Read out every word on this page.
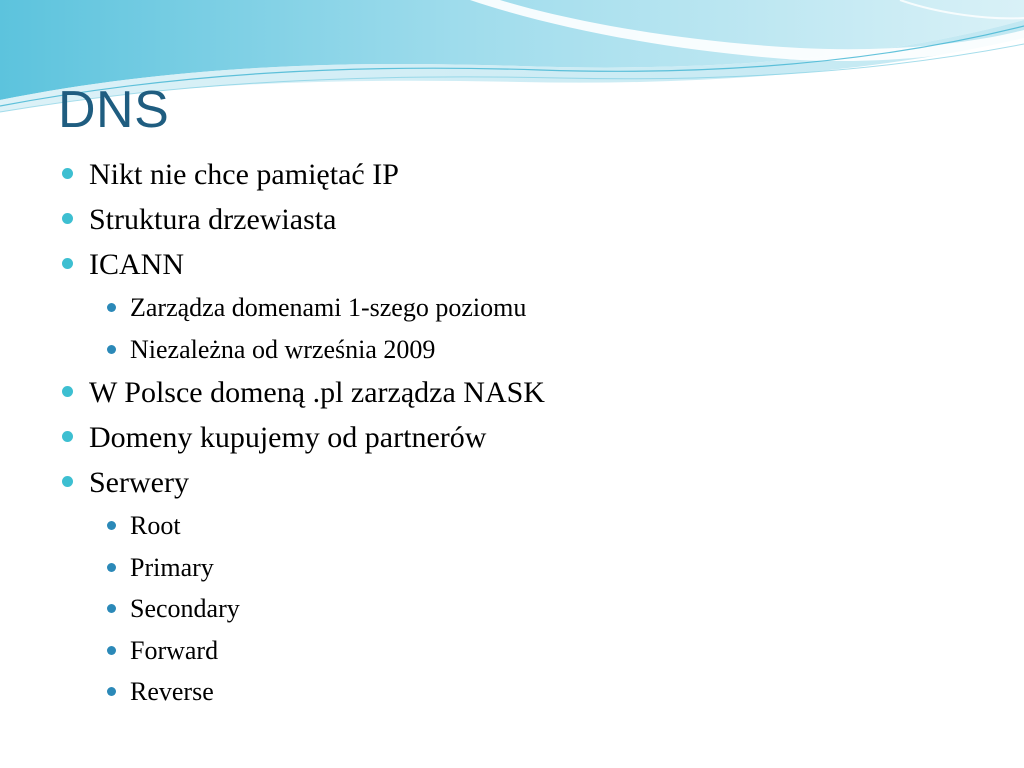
DNS
Nikt nie chce pamiętać IP
Struktura drzewiasta
ICANN
Zarządza domenami 1-szego poziomu
Niezależna od września 2009
W Polsce domeną .pl zarządza NASK
Domeny kupujemy od partnerów
Serwery
Root
Primary
Secondary
Forward
Reverse
